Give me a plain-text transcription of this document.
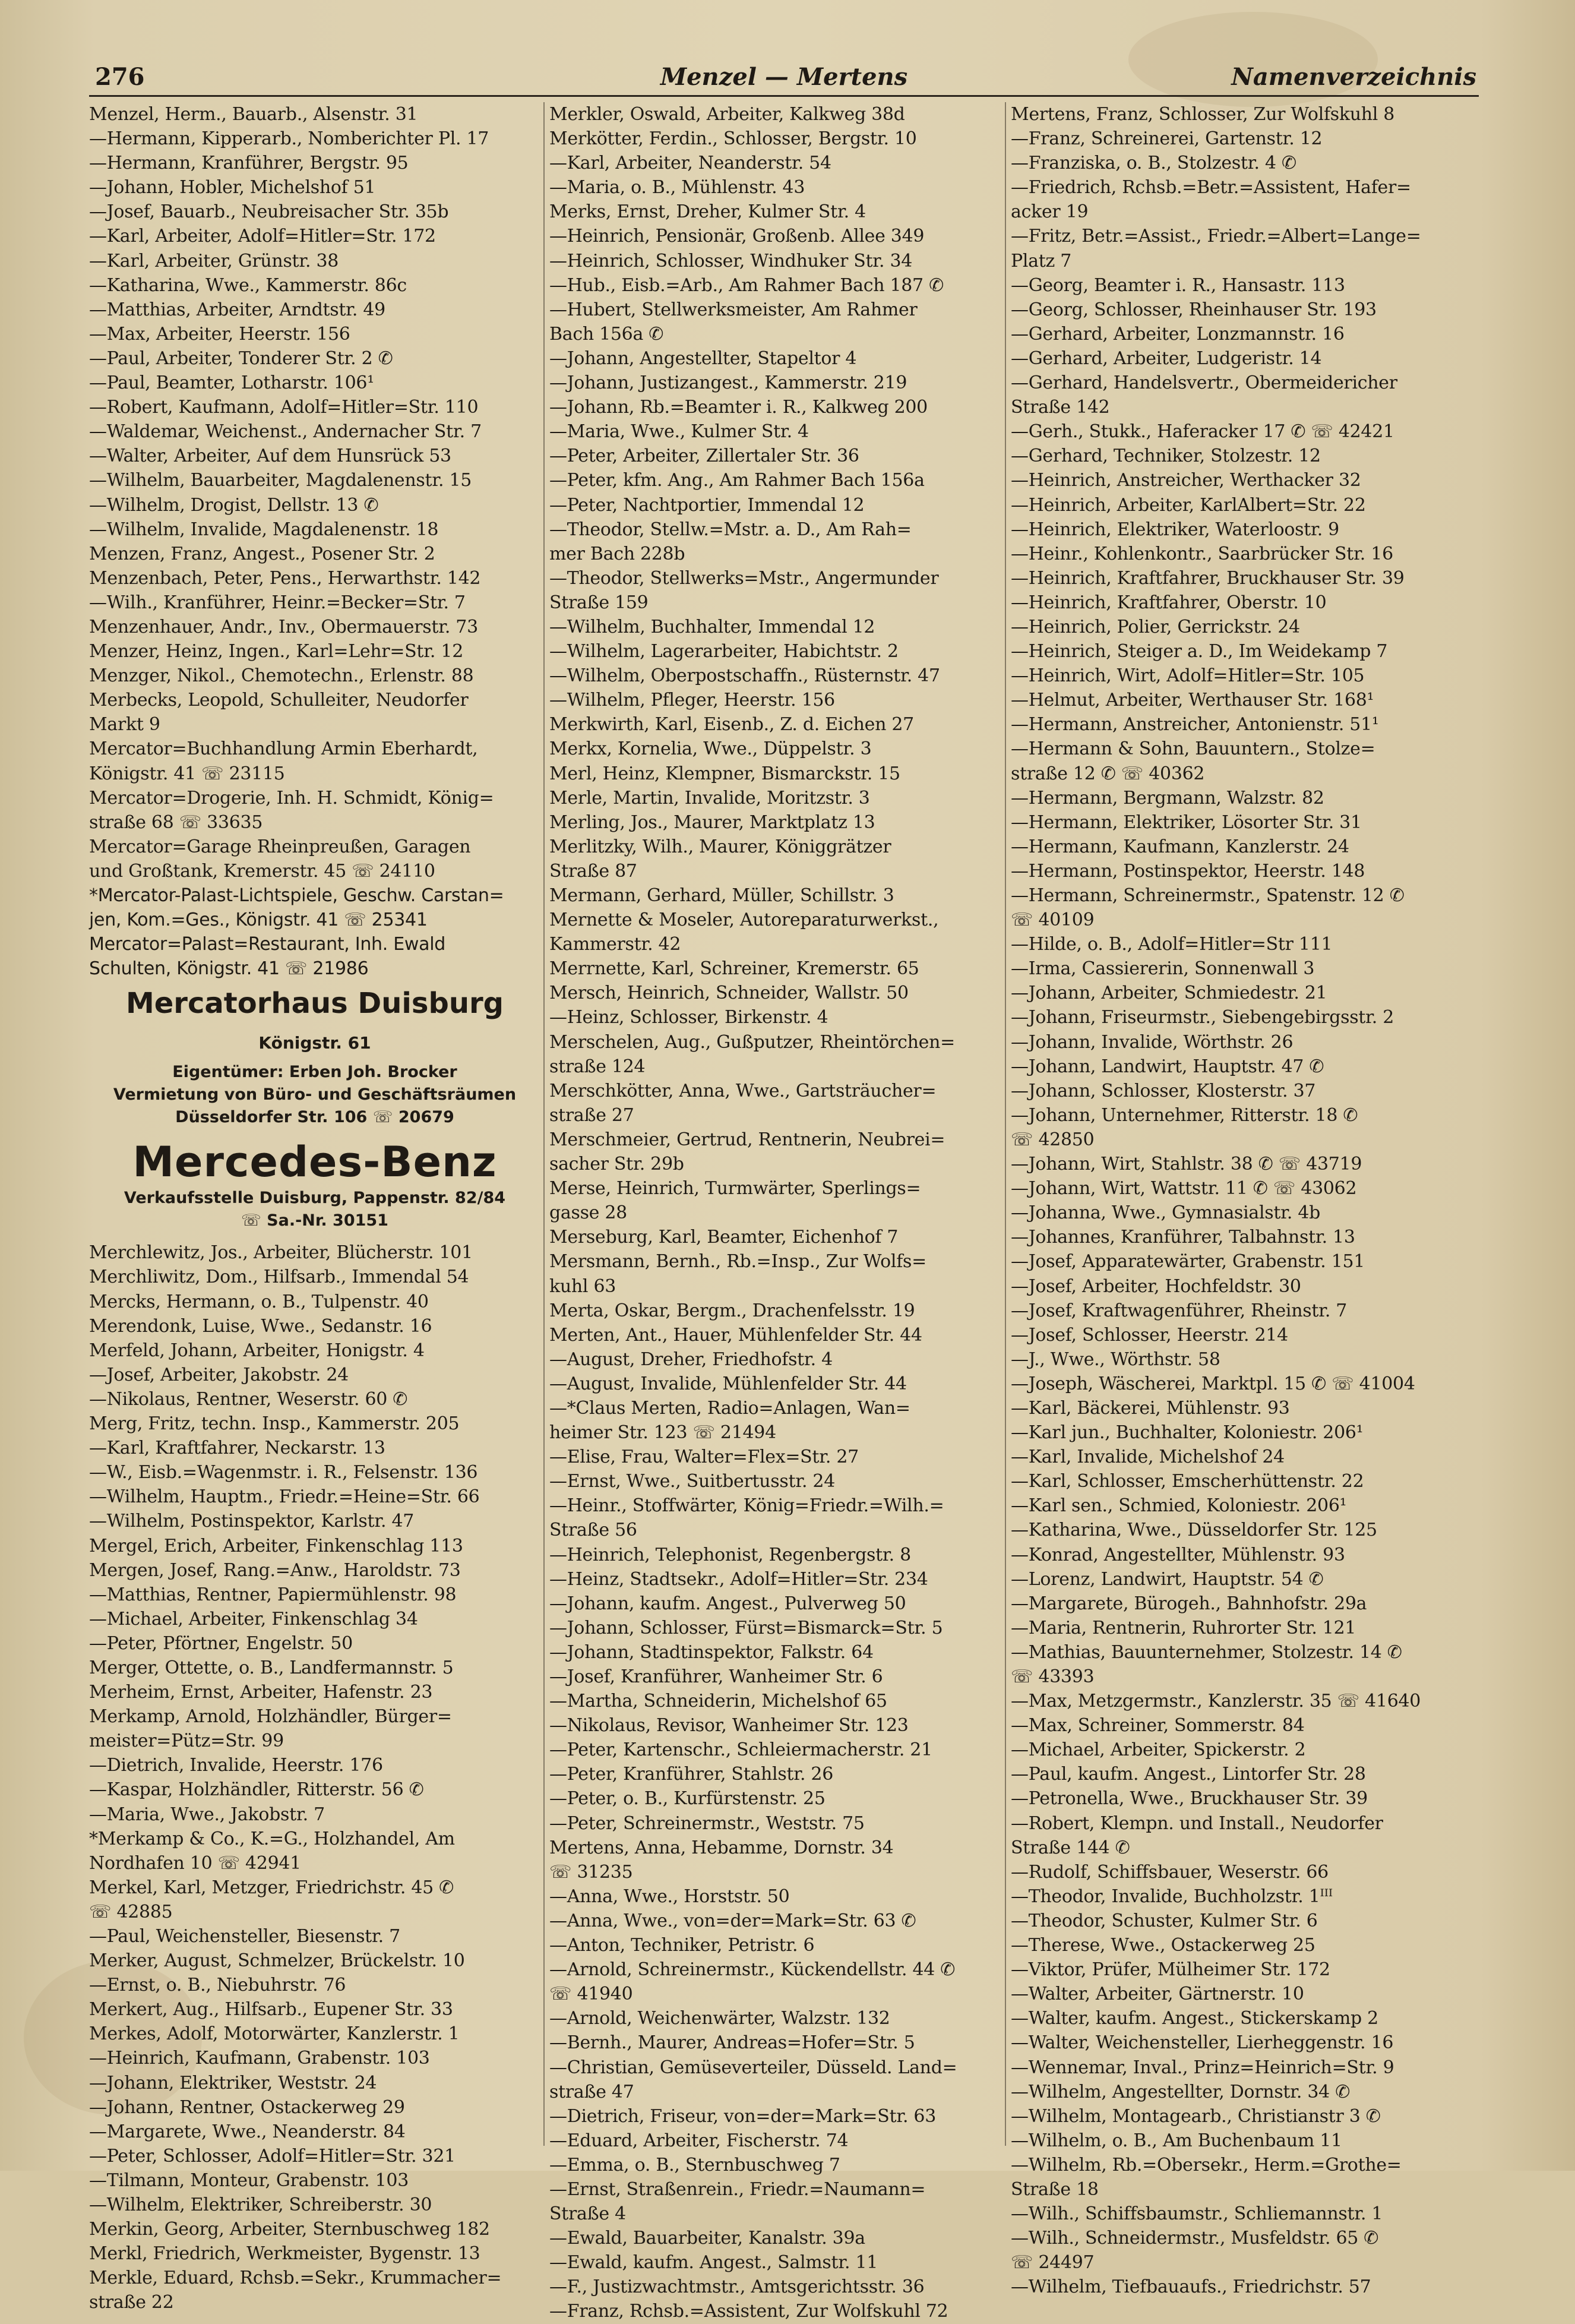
276	Menzel — Mertens	Namenverzeichnis
Menzel, Herm., Bauarb., Alsenstr. 31
—Hermann, Kipperarb., Nomberichter Pl. 17
—Hermann, Kranführer, Bergstr. 95
—Johann, Hobler, Michelshof 51
—Josef, Bauarb., Neubreisacher Str. 35b
—Karl, Arbeiter, Adolf=Hitler=Str. 172
—Karl, Arbeiter, Grünstr. 38
—Katharina, Wwe., Kammerstr. 86c
—Matthias, Arbeiter, Arndtstr. 49
—Max, Arbeiter, Heerstr. 156
—Paul, Arbeiter, Tonderer Str. 2 ✆
—Paul, Beamter, Lotharstr. 106¹
—Robert, Kaufmann, Adolf=Hitler=Str. 110
—Waldemar, Weichenst., Andernacher Str. 7
—Walter, Arbeiter, Auf dem Hunsrück 53
—Wilhelm, Bauarbeiter, Magdalenenstr. 15
—Wilhelm, Drogist, Dellstr. 13 ✆
—Wilhelm, Invalide, Magdalenenstr. 18
Menzen, Franz, Angest., Posener Str. 2
Menzenbach, Peter, Pens., Herwarthstr. 142
—Wilh., Kranführer, Heinr.=Becker=Str. 7
Menzenhauer, Andr., Inv., Obermauerstr. 73
Menzer, Heinz, Ingen., Karl=Lehr=Str. 12
Menzger, Nikol., Chemotechn., Erlenstr. 88
Merbecks, Leopold, Schulleiter, Neudorfer
Markt 9
Mercator=Buchhandlung Armin Eberhardt,
Königstr. 41 ☏ 23115
Mercator=Drogerie, Inh. H. Schmidt, König=
straße 68 ☏ 33635
Mercator=Garage Rheinpreußen, Garagen
und Großtank, Kremerstr. 45 ☏ 24110
*Mercator-Palast-Lichtspiele, Geschw. Carstan=
jen, Kom.=Ges., Königstr. 41 ☏ 25341
Mercator=Palast=Restaurant, Inh. Ewald
Schulten, Königstr. 41 ☏ 21986
Mercatorhaus Duisburg Königstr. 61
Eigentümer: Erben Joh. Brocker
Vermietung von Büro- und Geschäftsräumen
Düsseldorfer Str. 106 ☏ 20679
Mercedes-Benz
Verkaufsstelle Duisburg, Pappenstr. 82/84
☏ Sa.-Nr. 30151
Merchlewitz, Jos., Arbeiter, Blücherstr. 101
Merchliwitz, Dom., Hilfsarb., Immendal 54
Mercks, Hermann, o. B., Tulpenstr. 40
Merendonk, Luise, Wwe., Sedanstr. 16
Merfeld, Johann, Arbeiter, Honigstr. 4
—Josef, Arbeiter, Jakobstr. 24
—Nikolaus, Rentner, Weserstr. 60 ✆
Merg, Fritz, techn. Insp., Kammerstr. 205
—Karl, Kraftfahrer, Neckarstr. 13
—W., Eisb.=Wagenmstr. i. R., Felsenstr. 136
—Wilhelm, Hauptm., Friedr.=Heine=Str. 66
—Wilhelm, Postinspektor, Karlstr. 47
Mergel, Erich, Arbeiter, Finkenschlag 113
Mergen, Josef, Rang.=Anw., Haroldstr. 73
—Matthias, Rentner, Papiermühlenstr. 98
—Michael, Arbeiter, Finkenschlag 34
—Peter, Pförtner, Engelstr. 50
Merger, Ottette, o. B., Landfermannstr. 5
Merheim, Ernst, Arbeiter, Hafenstr. 23
Merkamp, Arnold, Holzhändler, Bürger=
meister=Pütz=Str. 99
—Dietrich, Invalide, Heerstr. 176
—Kaspar, Holzhändler, Ritterstr. 56 ✆
—Maria, Wwe., Jakobstr. 7
*Merkamp & Co., K.=G., Holzhandel, Am
Nordhafen 10 ☏ 42941
Merkel, Karl, Metzger, Friedrichstr. 45 ✆
☏ 42885
—Paul, Weichensteller, Biesenstr. 7
Merker, August, Schmelzer, Brückelstr. 10
—Ernst, o. B., Niebuhrstr. 76
Merkert, Aug., Hilfsarb., Eupener Str. 33
Merkes, Adolf, Motorwärter, Kanzlerstr. 1
—Heinrich, Kaufmann, Grabenstr. 103
—Johann, Elektriker, Weststr. 24
—Johann, Rentner, Ostackerweg 29
—Margarete, Wwe., Neanderstr. 84
—Peter, Schlosser, Adolf=Hitler=Str. 321
—Tilmann, Monteur, Grabenstr. 103
—Wilhelm, Elektriker, Schreiberstr. 30
Merkin, Georg, Arbeiter, Sternbuschweg 182
Merkl, Friedrich, Werkmeister, Bygenstr. 13
Merkle, Eduard, Rchsb.=Sekr., Krummacher=
straße 22
Merkler, Oswald, Arbeiter, Kalkweg 38d
Merkötter, Ferdin., Schlosser, Bergstr. 10
—Karl, Arbeiter, Neanderstr. 54
—Maria, o. B., Mühlenstr. 43
Merks, Ernst, Dreher, Kulmer Str. 4
—Heinrich, Pensionär, Großenb. Allee 349
—Heinrich, Schlosser, Windhuker Str. 34
—Hub., Eisb.=Arb., Am Rahmer Bach 187 ✆
—Hubert, Stellwerksmeister, Am Rahmer
Bach 156a ✆
—Johann, Angestellter, Stapeltor 4
—Johann, Justizangest., Kammerstr. 219
—Johann, Rb.=Beamter i. R., Kalkweg 200
—Maria, Wwe., Kulmer Str. 4
—Peter, Arbeiter, Zillertaler Str. 36
—Peter, kfm. Ang., Am Rahmer Bach 156a
—Peter, Nachtportier, Immendal 12
—Theodor, Stellw.=Mstr. a. D., Am Rah=
mer Bach 228b
—Theodor, Stellwerks=Mstr., Angermunder
Straße 159
—Wilhelm, Buchhalter, Immendal 12
—Wilhelm, Lagerarbeiter, Habichtstr. 2
—Wilhelm, Oberpostschaffn., Rüsternstr. 47
—Wilhelm, Pfleger, Heerstr. 156
Merkwirth, Karl, Eisenb., Z. d. Eichen 27
Merkx, Kornelia, Wwe., Düppelstr. 3
Merl, Heinz, Klempner, Bismarckstr. 15
Merle, Martin, Invalide, Moritzstr. 3
Merling, Jos., Maurer, Marktplatz 13
Merlitzky, Wilh., Maurer, Königgrätzer
Straße 87
Mermann, Gerhard, Müller, Schillstr. 3
Mernette & Moseler, Autoreparaturwerkst.,
Kammerstr. 42
Merrnette, Karl, Schreiner, Kremerstr. 65
Mersch, Heinrich, Schneider, Wallstr. 50
—Heinz, Schlosser, Birkenstr. 4
Merschelen, Aug., Gußputzer, Rheintörchen=
straße 124
Merschkötter, Anna, Wwe., Gartsträucher=
straße 27
Merschmeier, Gertrud, Rentnerin, Neubrei=
sacher Str. 29b
Merse, Heinrich, Turmwärter, Sperlings=
gasse 28
Merseburg, Karl, Beamter, Eichenhof 7
Mersmann, Bernh., Rb.=Insp., Zur Wolfs=
kuhl 63
Merta, Oskar, Bergm., Drachenfelsstr. 19
Merten, Ant., Hauer, Mühlenfelder Str. 44
—August, Dreher, Friedhofstr. 4
—August, Invalide, Mühlenfelder Str. 44
—*Claus Merten, Radio=Anlagen, Wan=
heimer Str. 123 ☏ 21494
—Elise, Frau, Walter=Flex=Str. 27
—Ernst, Wwe., Suitbertusstr. 24
—Heinr., Stoffwärter, König=Friedr.=Wilh.=
Straße 56
—Heinrich, Telephonist, Regenbergstr. 8
—Heinz, Stadtsekr., Adolf=Hitler=Str. 234
—Johann, kaufm. Angest., Pulverweg 50
—Johann, Schlosser, Fürst=Bismarck=Str. 5
—Johann, Stadtinspektor, Falkstr. 64
—Josef, Kranführer, Wanheimer Str. 6
—Martha, Schneiderin, Michelshof 65
—Nikolaus, Revisor, Wanheimer Str. 123
—Peter, Kartenschr., Schleiermacherstr. 21
—Peter, Kranführer, Stahlstr. 26
—Peter, o. B., Kurfürstenstr. 25
—Peter, Schreinermstr., Weststr. 75
Mertens, Anna, Hebamme, Dornstr. 34
☏ 31235
—Anna, Wwe., Horststr. 50
—Anna, Wwe., von=der=Mark=Str. 63 ✆
—Anton, Techniker, Petristr. 6
—Arnold, Schreinermstr., Kückendellstr. 44 ✆
☏ 41940
—Arnold, Weichenwärter, Walzstr. 132
—Bernh., Maurer, Andreas=Hofer=Str. 5
—Christian, Gemüseverteiler, Düsseld. Land=
straße 47
—Dietrich, Friseur, von=der=Mark=Str. 63
—Eduard, Arbeiter, Fischerstr. 74
—Emma, o. B., Sternbuschweg 7
—Ernst, Straßenrein., Friedr.=Naumann=
Straße 4
—Ewald, Bauarbeiter, Kanalstr. 39a
—Ewald, kaufm. Angest., Salmstr. 11
—F., Justizwachtmstr., Amtsgerichtsstr. 36
—Franz, Rchsb.=Assistent, Zur Wolfskuhl 72
Mertens, Franz, Schlosser, Zur Wolfskuhl 8
—Franz, Schreinerei, Gartenstr. 12
—Franziska, o. B., Stolzestr. 4 ✆
—Friedrich, Rchsb.=Betr.=Assistent, Hafer=
acker 19
—Fritz, Betr.=Assist., Friedr.=Albert=Lange=
Platz 7
—Georg, Beamter i. R., Hansastr. 113
—Georg, Schlosser, Rheinhauser Str. 193
—Gerhard, Arbeiter, Lonzmannstr. 16
—Gerhard, Arbeiter, Ludgeristr. 14
—Gerhard, Handelsvertr., Obermeidericher
Straße 142
—Gerh., Stukk., Haferacker 17 ✆ ☏ 42421
—Gerhard, Techniker, Stolzestr. 12
—Heinrich, Anstreicher, Werthacker 32
—Heinrich, Arbeiter, KarlAlbert=Str. 22
—Heinrich, Elektriker, Waterloostr. 9
—Heinr., Kohlenkontr., Saarbrücker Str. 16
—Heinrich, Kraftfahrer, Bruckhauser Str. 39
—Heinrich, Kraftfahrer, Oberstr. 10
—Heinrich, Polier, Gerrickstr. 24
—Heinrich, Steiger a. D., Im Weidekamp 7
—Heinrich, Wirt, Adolf=Hitler=Str. 105
—Helmut, Arbeiter, Werthauser Str. 168¹
—Hermann, Anstreicher, Antonienstr. 51¹
—Hermann & Sohn, Bauuntern., Stolze=
straße 12 ✆ ☏ 40362
—Hermann, Bergmann, Walzstr. 82
—Hermann, Elektriker, Lösorter Str. 31
—Hermann, Kaufmann, Kanzlerstr. 24
—Hermann, Postinspektor, Heerstr. 148
—Hermann, Schreinermstr., Spatenstr. 12 ✆
☏ 40109
—Hilde, o. B., Adolf=Hitler=Str 111
—Irma, Cassiererin, Sonnenwall 3
—Johann, Arbeiter, Schmiedestr. 21
—Johann, Friseurmstr., Siebengebirgsstr. 2
—Johann, Invalide, Wörthstr. 26
—Johann, Landwirt, Hauptstr. 47 ✆
—Johann, Schlosser, Klosterstr. 37
—Johann, Unternehmer, Ritterstr. 18 ✆
☏ 42850
—Johann, Wirt, Stahlstr. 38 ✆ ☏ 43719
—Johann, Wirt, Wattstr. 11 ✆ ☏ 43062
—Johanna, Wwe., Gymnasialstr. 4b
—Johannes, Kranführer, Talbahnstr. 13
—Josef, Apparatewärter, Grabenstr. 151
—Josef, Arbeiter, Hochfeldstr. 30
—Josef, Kraftwagenführer, Rheinstr. 7
—Josef, Schlosser, Heerstr. 214
—J., Wwe., Wörthstr. 58
—Joseph, Wäscherei, Marktpl. 15 ✆ ☏ 41004
—Karl, Bäckerei, Mühlenstr. 93
—Karl jun., Buchhalter, Koloniestr. 206¹
—Karl, Invalide, Michelshof 24
—Karl, Schlosser, Emscherhüttenstr. 22
—Karl sen., Schmied, Koloniestr. 206¹
—Katharina, Wwe., Düsseldorfer Str. 125
—Konrad, Angestellter, Mühlenstr. 93
—Lorenz, Landwirt, Hauptstr. 54 ✆
—Margarete, Bürogeh., Bahnhofstr. 29a
—Maria, Rentnerin, Ruhrorter Str. 121
—Mathias, Bauunternehmer, Stolzestr. 14 ✆
☏ 43393
—Max, Metzgermstr., Kanzlerstr. 35 ☏ 41640
—Max, Schreiner, Sommerstr. 84
—Michael, Arbeiter, Spickerstr. 2
—Paul, kaufm. Angest., Lintorfer Str. 28
—Petronella, Wwe., Bruckhauser Str. 39
—Robert, Klempn. und Install., Neudorfer
Straße 144 ✆
—Rudolf, Schiffsbauer, Weserstr. 66
—Theodor, Invalide, Buchholzstr. 1ᴵᴵᴵ
—Theodor, Schuster, Kulmer Str. 6
—Therese, Wwe., Ostackerweg 25
—Viktor, Prüfer, Mülheimer Str. 172
—Walter, Arbeiter, Gärtnerstr. 10
—Walter, kaufm. Angest., Stickerskamp 2
—Walter, Weichensteller, Lierheggenstr. 16
—Wennemar, Inval., Prinz=Heinrich=Str. 9
—Wilhelm, Angestellter, Dornstr. 34 ✆
—Wilhelm, Montagearb., Christianstr 3 ✆
—Wilhelm, o. B., Am Buchenbaum 11
—Wilhelm, Rb.=Obersekr., Herm.=Grothe=
Straße 18
—Wilh., Schiffsbaumstr., Schliemannstr. 1
—Wilh., Schneidermstr., Musfeldstr. 65 ✆
☏ 24497
—Wilhelm, Tiefbauaufs., Friedrichstr. 57
